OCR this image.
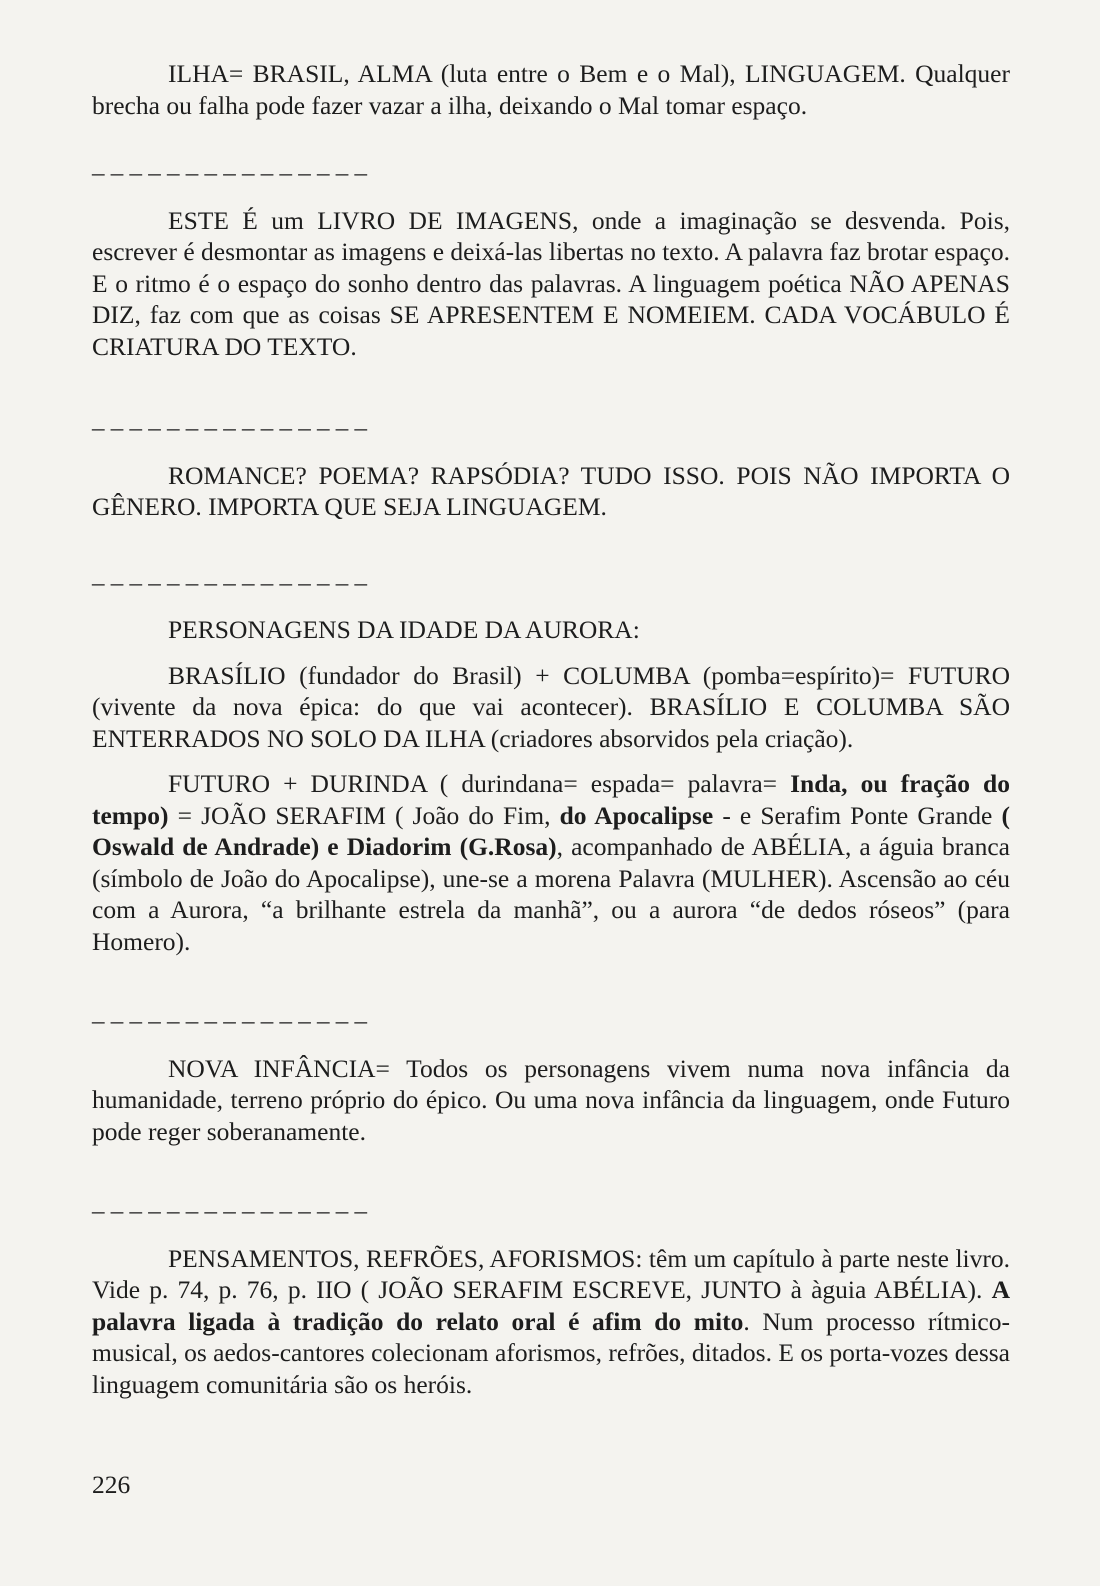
ILHA= BRASIL, ALMA (luta entre o Bem e o Mal), LINGUAGEM. Qualquer brecha ou falha pode fazer vazar a ilha, deixando o Mal tomar espaço.

_ _ _ _ _ _ _ _ _ _ _ _ _ _ _

ESTE É um LIVRO DE IMAGENS, onde a imaginação se desvenda. Pois, escrever é desmontar as imagens e deixá-las libertas no texto. A palavra faz brotar espaço. E o ritmo é o espaço do sonho dentro das palavras. A linguagem poética NÃO APENAS DIZ, faz com que as coisas SE APRESENTEM E NOMEIEM. CADA VOCÁBULO É CRIATURA DO TEXTO.

_ _ _ _ _ _ _ _ _ _ _ _ _ _ _

ROMANCE? POEMA? RAPSÓDIA? TUDO ISSO. POIS NÃO IMPORTA O GÊNERO. IMPORTA QUE SEJA LINGUAGEM.

_ _ _ _ _ _ _ _ _ _ _ _ _ _ _

PERSONAGENS DA IDADE DA AURORA:

BRASÍLIO (fundador do Brasil) + COLUMBA (pomba=espírito)= FUTURO (vivente da nova épica: do que vai acontecer). BRASÍLIO E COLUMBA SÃO ENTERRADOS NO SOLO DA ILHA (criadores absorvidos pela criação).

FUTURO + DURINDA ( durindana= espada= palavra= Inda, ou fração do tempo) = JOÃO SERAFIM ( João do Fim, do Apocalipse - e Serafim Ponte Grande ( Oswald de Andrade) e Diadorim (G.Rosa), acompanhado de ABÉLIA, a águia branca (símbolo de João do Apocalipse), une-se a morena Palavra (MULHER). Ascensão ao céu com a Aurora, “a brilhante estrela da manhã”, ou a aurora “de dedos róseos” (para Homero).

_ _ _ _ _ _ _ _ _ _ _ _ _ _ _

NOVA INFÂNCIA= Todos os personagens vivem numa nova infância da humanidade, terreno próprio do épico. Ou uma nova infância da linguagem, onde Futuro pode reger soberanamente.

_ _ _ _ _ _ _ _ _ _ _ _ _ _ _

PENSAMENTOS, REFRÕES, AFORISMOS: têm um capítulo à parte neste livro. Vide p. 74, p. 76, p. IIO ( JOÃO SERAFIM ESCREVE, JUNTO à àguia ABÉLIA). A palavra ligada à tradição do relato oral é afim do mito. Num processo rítmico-musical, os aedos-cantores colecionam aforismos, refrões, ditados. E os porta-vozes dessa linguagem comunitária são os heróis.

226
